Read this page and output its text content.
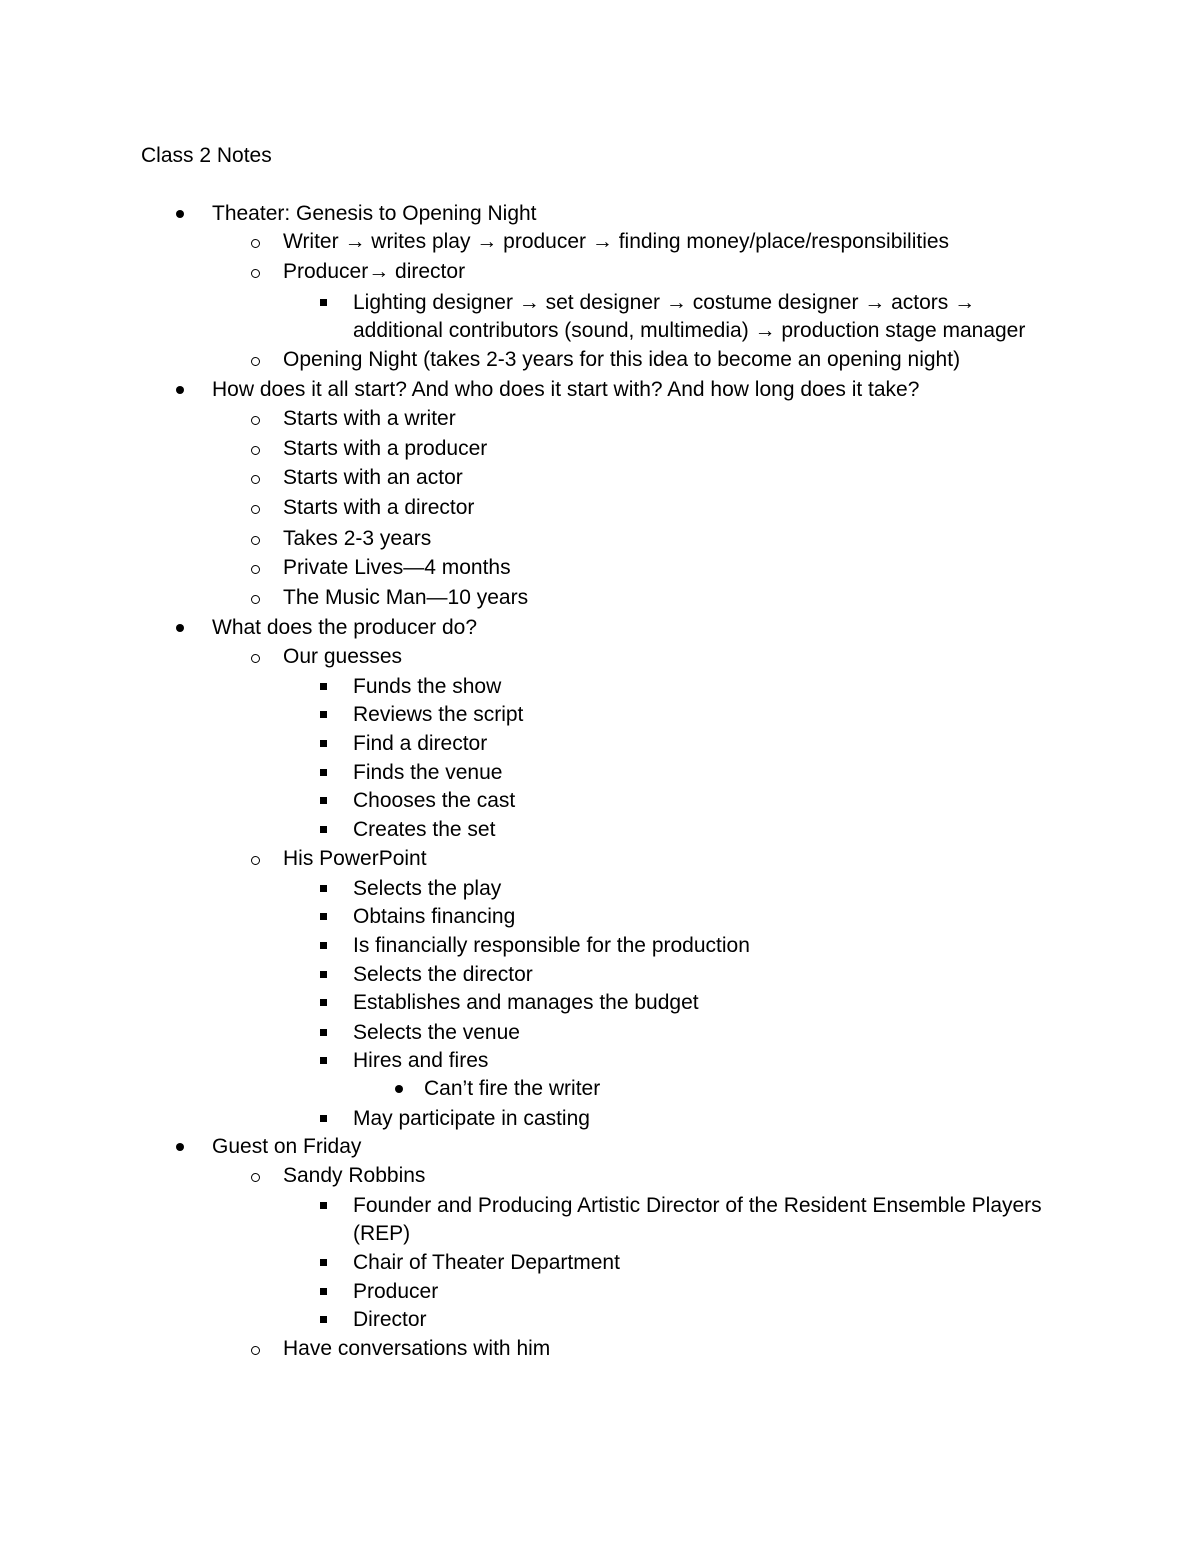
Class 2 Notes
Theater: Genesis to Opening Night
Writer → writes play → producer → finding money/place/responsibilities
Producer→ director
Lighting designer → set designer → costume designer → actors →
additional contributors (sound, multimedia) → production stage manager
Opening Night (takes 2-3 years for this idea to become an opening night)
How does it all start? And who does it start with? And how long does it take?
Starts with a writer
Starts with a producer
Starts with an actor
Starts with a director
Takes 2-3 years
Private Lives—4 months
The Music Man—10 years
What does the producer do?
Our guesses
Funds the show
Reviews the script
Find a director
Finds the venue
Chooses the cast
Creates the set
His PowerPoint
Selects the play
Obtains financing
Is financially responsible for the production
Selects the director
Establishes and manages the budget
Selects the venue
Hires and fires
Can’t fire the writer
May participate in casting
Guest on Friday
Sandy Robbins
Founder and Producing Artistic Director of the Resident Ensemble Players
(REP)
Chair of Theater Department
Producer
Director
Have conversations with him
